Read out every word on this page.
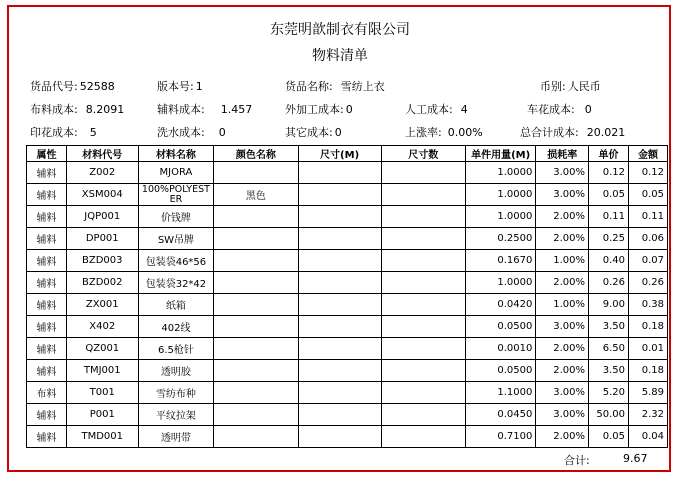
东莞明歆制衣有限公司
物料清单
货品代号: 52588	版本号: 1	货品名称: 雪纺上衣	币别: 人民币
布料成本: 8.2091	辅料成本: 1.457	外加工成本: 0	人工成本: 4	车花成本: 0
印花成本: 5	洗水成本: 0	其它成本: 0	上涨率: 0.00%	总合计成本: 20.021
属性	材料代号	材料名称	颜色名称	尺寸(M)	尺寸数	单件用量(M)	损耗率	单价	金额
辅料	Z002	MJORA				1.0000	3.00%	0.12	0.12
辅料	XSM004	100%POLYESTER	黑色			1.0000	3.00%	0.05	0.05
辅料	JQP001	价钱牌				1.0000	2.00%	0.11	0.11
辅料	DP001	SW吊牌				0.2500	2.00%	0.25	0.06
辅料	BZD003	包装袋46*56				0.1670	1.00%	0.40	0.07
辅料	BZD002	包装袋32*42				1.0000	2.00%	0.26	0.26
辅料	ZX001	纸箱				0.0420	1.00%	9.00	0.38
辅料	X402	402线				0.0500	3.00%	3.50	0.18
辅料	QZ001	6.5枪针				0.0010	2.00%	6.50	0.01
辅料	TMJ001	透明胶				0.0500	2.00%	3.50	0.18
布料	T001	雪纺布种				1.1000	3.00%	5.20	5.89
辅料	P001	平纹拉架				0.0450	3.00%	50.00	2.32
辅料	TMD001	透明带				0.7100	2.00%	0.05	0.04
合计:	9.67
